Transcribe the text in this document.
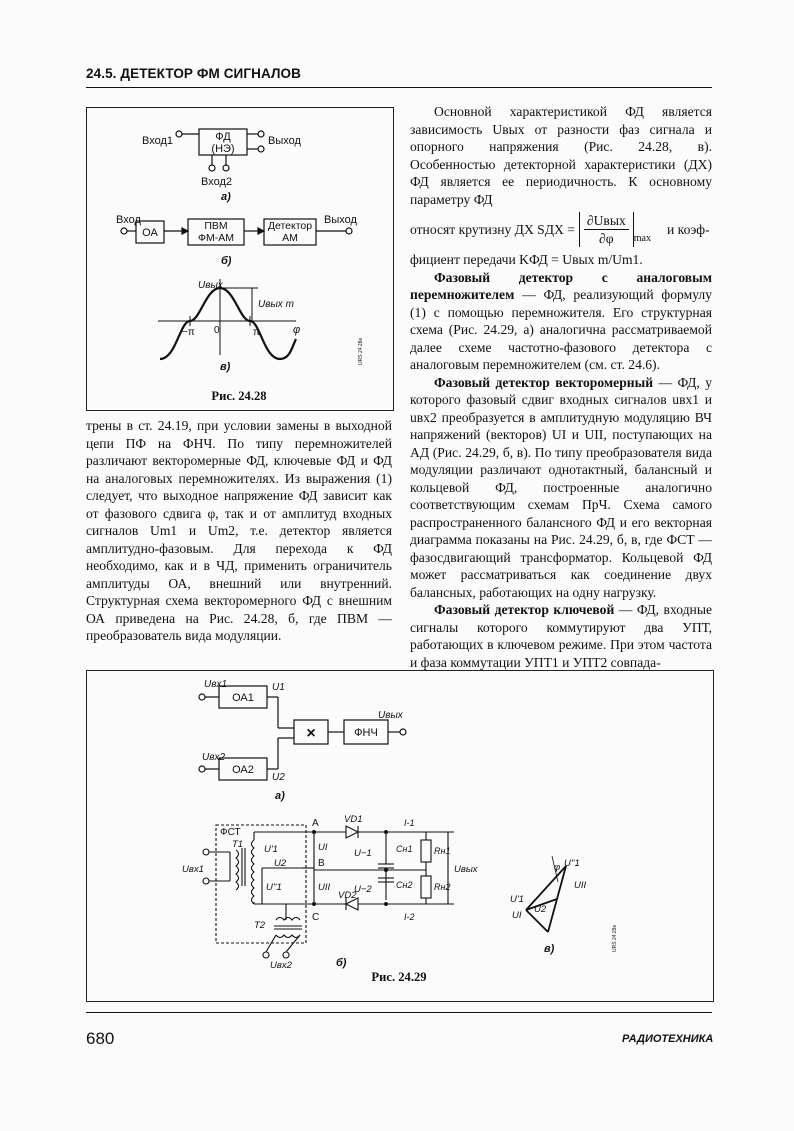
24.5. ДЕТЕКТОР ФМ СИГНАЛОВ
Вход1	ФД
(НЭ)
Выход
Вход2
а)
Вход
ОА
ПВМ
ФМ-АМ
Детектор
АМ
Выход
б)
Uвых
Uвых m
−π 0	π	φ
в)
URS 24.28e
Рис. 24.28

трены в ст. 24.19, при условии замены в выходной цепи ПФ на ФНЧ. По типу перемножителей различают векторомерные ФД, ключевые ФД и ФД на аналоговых перемножителях. Из выражения (1) следует, что выходное напряжение ФД зависит как от фазового сдвига φ, так и от амплитуд входных сигналов Um1 и Um2, т.е. детектор является амплитудно-фазовым. Для перехода к ФД необходимо, как и в ЧД, применить ограничитель амплитуды ОА, внешний или внутренний. Структурная схема векторомерного ФД с внешним ОА приведена на Рис. 24.28, б, где ПВМ — преобразователь вида модуляции.

Основной характеристикой ФД является зависимость Uвых от разности фаз сигнала и опорного напряжения (Рис. 24.28, в). Особенностью детекторной характеристики (ДХ) ФД является ее периодичность. К основному параметру ФД

относят крутизну ДХ SДХ = $\frac{\text{∂Uвых}}{\partial\varphi}$ max
и коэф-

фициент передачи KФД = Uвых m/Um1.

Фазовый детектор с аналоговым перемножителем — ФД, реализующий формулу (1) с помощью перемножителя. Его структурная схема (Рис. 24.29, а) аналогична рассматриваемой далее схеме частотно-фазового детектора с аналоговым перемножителем (см. ст. 24.6).

Фазовый детектор векторомерный — ФД, у которого фазовый сдвиг входных сигналов uвх1 и uвх2 преобразуется в амплитудную модуляцию ВЧ напряжений (векторов) UI и UII, поступающих на АД (Рис. 24.29, б, в). По типу преобразователя вида модуляции различают однотактный, балансный и кольцевой ФД, построенные аналогично соответствующим схемам ПрЧ. Схема самого распространенного балансного ФД и его векторная диаграмма показаны на Рис. 24.29, б, в, где ФСТ — фазосдвигающий трансформатор. Кольцевой ФД может рассматриваться как соединение двух балансных, работающих на одну нагрузку.

Фазовый детектор ключевой — ФД, входные сигналы которого коммутируют два УПТ, работающих в ключевом режиме. При этом частота и фаза коммутации УПТ1 и УПТ2 совпада-

Uвх1
ОА1
U1
×	ФНЧ
Uвых
Uвх2
ОА2
U2
а)
ФСТ
A
B
C
VD1
VD2
T1
T2
U'1
U2
U''1
UI
UII
U−1
U−2
Cн1
Cн2
Rн1
Rн2
I-1
I-2
Uвых
Uвх1
Uвх2	б)
φ U''1
UII
U'1
UI
U2
в)	URS 24.29e
Рис. 24.29
680	РАДИОТЕХНИКА
